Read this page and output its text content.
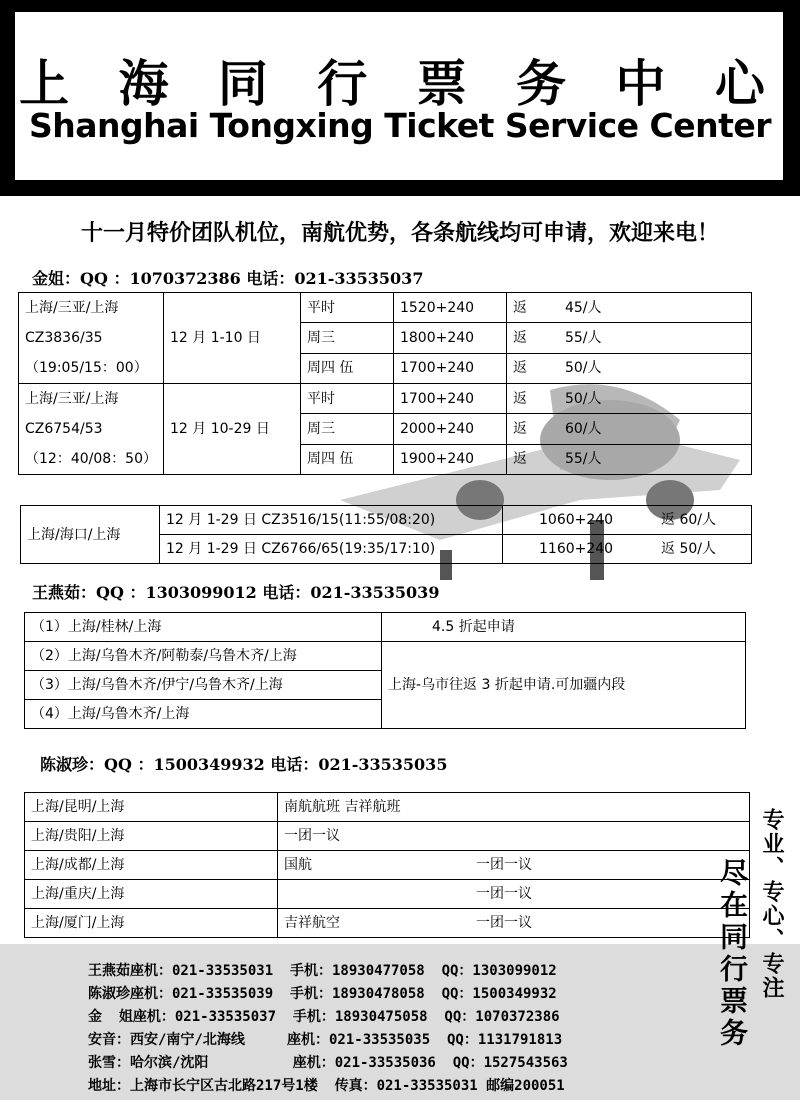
上 海 同 行 票 务 中 心
Shanghai Tongxing Ticket Service Center
十一月特价团队机位，南航优势，各条航线均可申请，欢迎来电！
金姐：QQ ：1070372386 电话：021-33535037
上海/三亚/上海
CZ3836/35
（19:05/15：00）	12 月 1-10 日	平时	1520+240	返	45/人
		周三	1800+240	返	55/人
		周四 伍	1700+240	返	50/人

上海/三亚/上海
CZ6754/53
（12：40/08：50）	12 月 10-29 日	平时	1700+240	返	50/人
		周三	2000+240	返	60/人
		周四 伍	1900+240	返	55/人
上海/海口/上海	12 月 1-29 日 CZ3516/15(11:55/08:20)	1060+240	返 60/人
	12 月 1-29 日 CZ6766/65(19:35/17:10)	1160+240	返 50/人
王燕茹：QQ ：1303099012 电话：021-33535039
（1）上海/桂林/上海	4.5 折起申请
（2）上海/乌鲁木齐/阿勒泰/乌鲁木齐/上海	上海-乌市往返 3 折起申请.可加疆内段
（3）上海/乌鲁木齐/伊宁/乌鲁木齐/上海	
（4）上海/乌鲁木齐/上海	
陈淑珍：QQ ：1500349932 电话：021-33535035
上海/昆明/上海	南航航班 吉祥航班	
上海/贵阳/上海	一团一议	
上海/成都/上海	国航	一团一议
上海/重庆/上海		一团一议
上海/厦门/上海	吉祥航空	一团一议
王燕茹座机：021-33535031  手机：18930477058  QQ：1303099012
陈淑珍座机：021-33535039  手机：18930478058  QQ：1500349932
金  姐座机：021-33535037  手机：18930475058  QQ：1070372386
安音：西安/南宁/北海线     座机：021-33535035  QQ：1131791813
张雪：哈尔滨/沈阳          座机：021-33535036  QQ：1527543563
地址：上海市长宁区古北路217号1楼  传真：021-33535031 邮编200051
专业、专心、专注
尽在同行票务
